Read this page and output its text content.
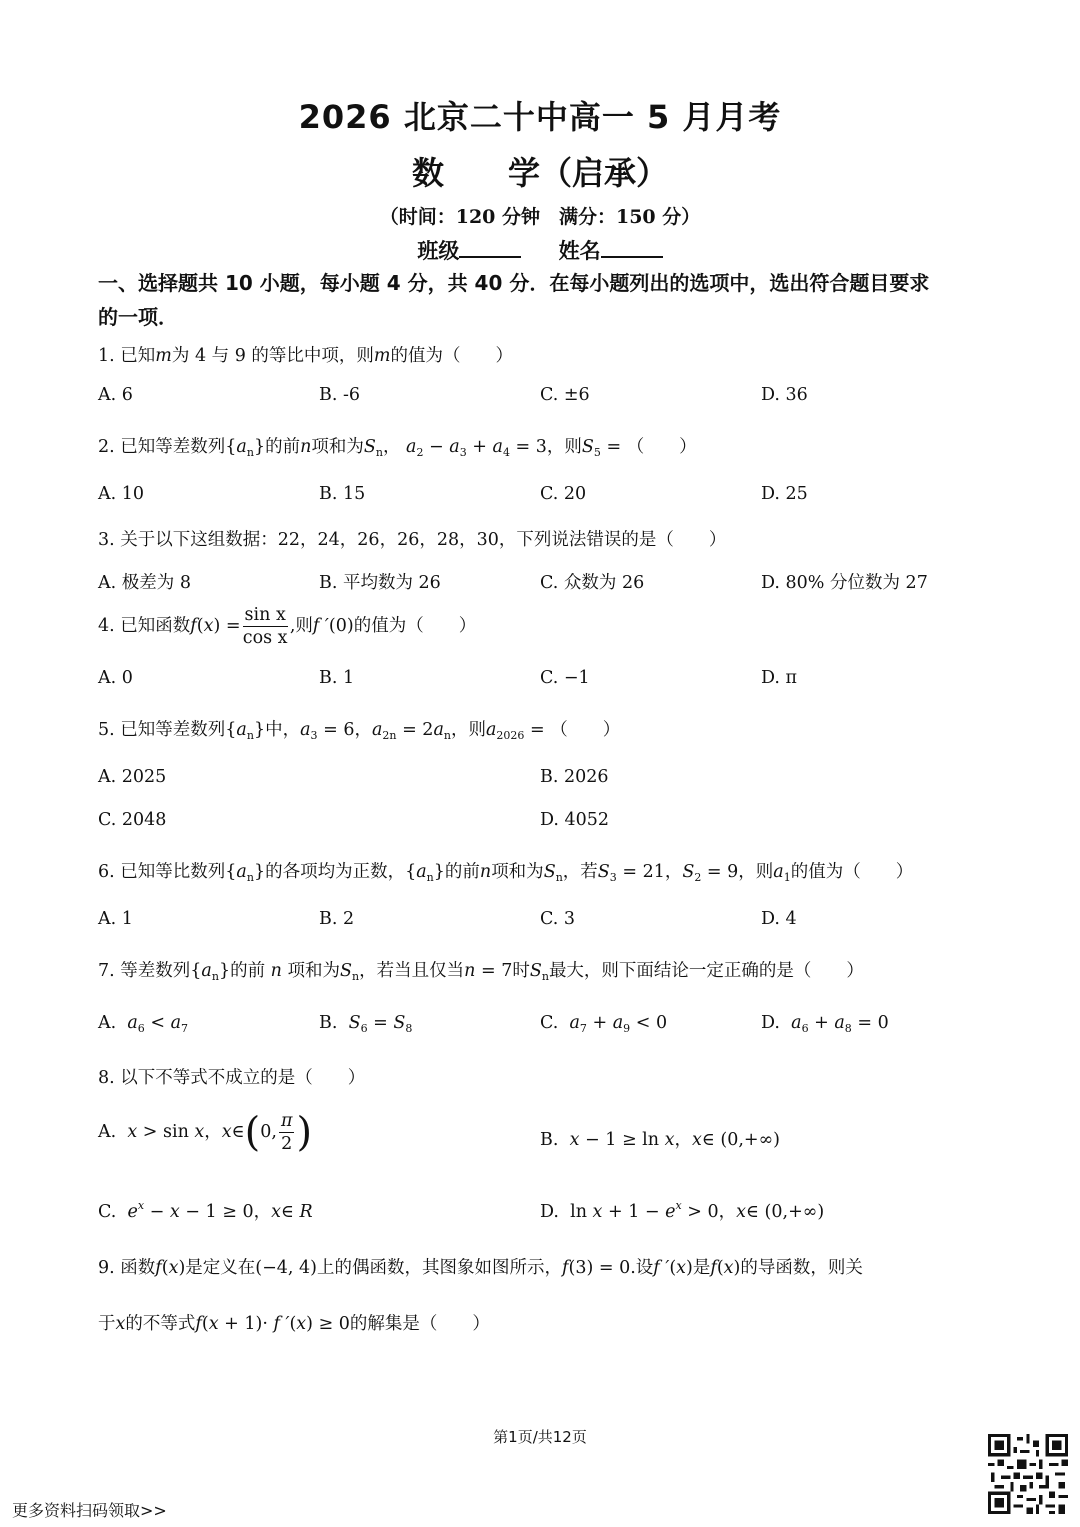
2026 北京二十中高一 5 月月考
数 学（启承）
（时间：120 分钟　满分：150 分）
班级	姓名
一、选择题共 10 小题，每小题 4 分，共 40 分．在每小题列出的选项中，选出符合题目要求
的一项．
1. 已知m为 4 与 9 的等比中项，则m的值为（　　）
A. 6	B. -6	C. ±6	D. 36
2. 已知等差数列$\{a_n\}$的前n项和为$S_n$， $a_2 - a_3 + a_4 = 3$，则$S_5$ = （　　）
A. 10	B. 15	C. 20	D. 25
3. 关于以下这组数据：22，24，26，26，28，30，下列说法错误的是（　　）
A. 极差为 8	B. 平均数为 26	C. 众数为 26	D. 80% 分位数为 27
4. 已知函数$f(x) = \frac{\text{sin x}}{\text{cos x}}$ ,则f ′(0)的值为（　　）
A. 0	B. 1	C. −1	D. π
5. 已知等差数列$\{a_n\}$中，$a_3 = 6$，$a_{2n} = 2a_n$，则$a_{2026}$ = （　　）
A. 2025	B. 2026
C. 2048	D. 4052
6. 已知等比数列$\{a_n\}$的各项均为正数，$\{a_n\}$的前n项和为$S_n$，若$S_3 = 21$，$S_2 = 9$，则$a_1$的值为（　　）
A. 1	B. 2	C. 3	D. 4
7. 等差数列$\{a_n\}$的前 n 项和为$S_n$，若当且仅当n = 7时$S_n$最大，则下面结论一定正确的是（　　）
A. $a_6 < a_7$	B. $S_6 = S_8$	C. $a_7 + a_9 < 0$	D. $a_6 + a_8 = 0$
8. 以下不等式不成立的是（　　）
A. x > sin x，x∈(0, $\frac{\pi}{2}$ )	B. x − 1 ≥ ln x，x∈ (0,+∞)
C. $e^x - x - 1 \ge 0$，x∈ R	D.  $\ln x + 1 - e^x > 0$，x∈ (0,+∞)
9. 函数f(x)是定义在(−4, 4)上的偶函数，其图象如图所示，f(3) = 0.设f ′(x)是f(x)的导函数，则关
于x的不等式f(x + 1)· f ′(x) ≥ 0的解集是（　　）
第1页/共12页
更多资料扫码领取>>
